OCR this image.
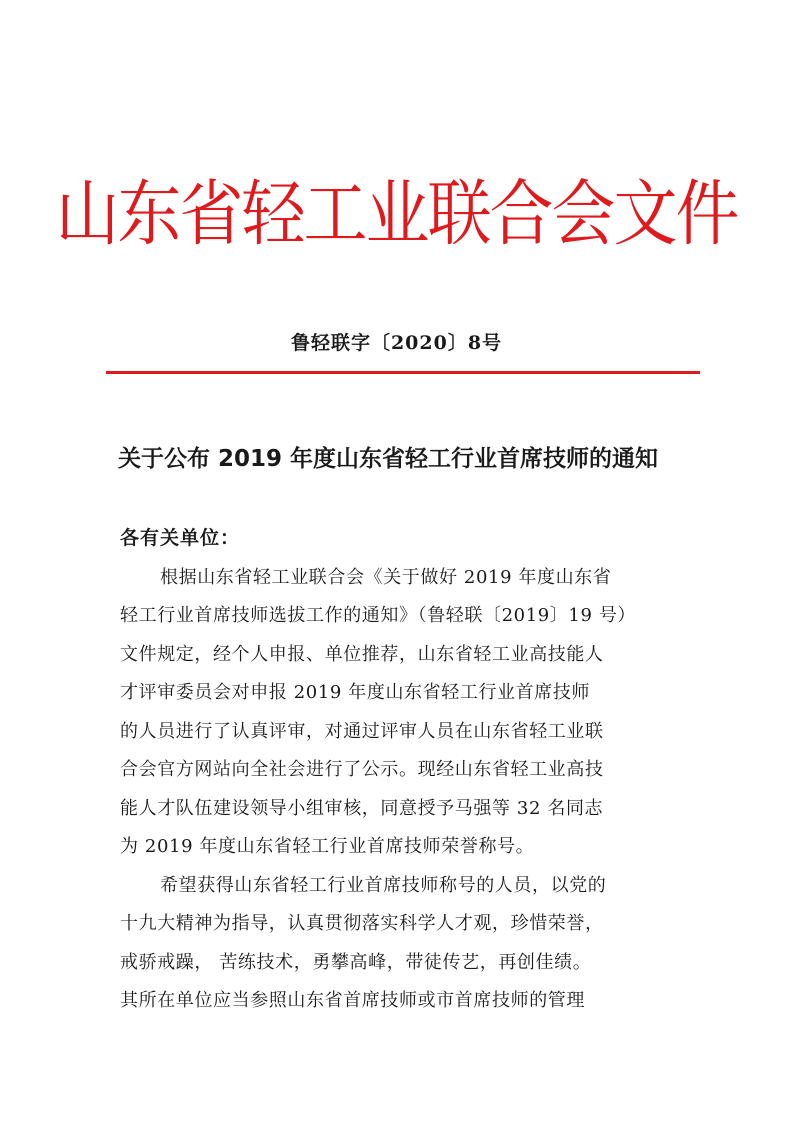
山东省轻工业联合会文件
鲁轻联字〔2020〕8号
关于公布 2019 年度山东省轻工行业首席技师的通知
各有关单位：
根据山东省轻工业联合会《关于做好 2019 年度山东省
轻工行业首席技师选拔工作的通知》（鲁轻联〔2019〕19 号）
文件规定，经个人申报、单位推荐，山东省轻工业高技能人
才评审委员会对申报 2019 年度山东省轻工行业首席技师
的人员进行了认真评审，对通过评审人员在山东省轻工业联
合会官方网站向全社会进行了公示。现经山东省轻工业高技
能人才队伍建设领导小组审核，同意授予马强等 32 名同志
为 2019 年度山东省轻工行业首席技师荣誉称号。
希望获得山东省轻工行业首席技师称号的人员，以党的
十九大精神为指导，认真贯彻落实科学人才观，珍惜荣誉，
戒骄戒躁， 苦练技术，勇攀高峰，带徒传艺，再创佳绩。
其所在单位应当参照山东省首席技师或市首席技师的管理
